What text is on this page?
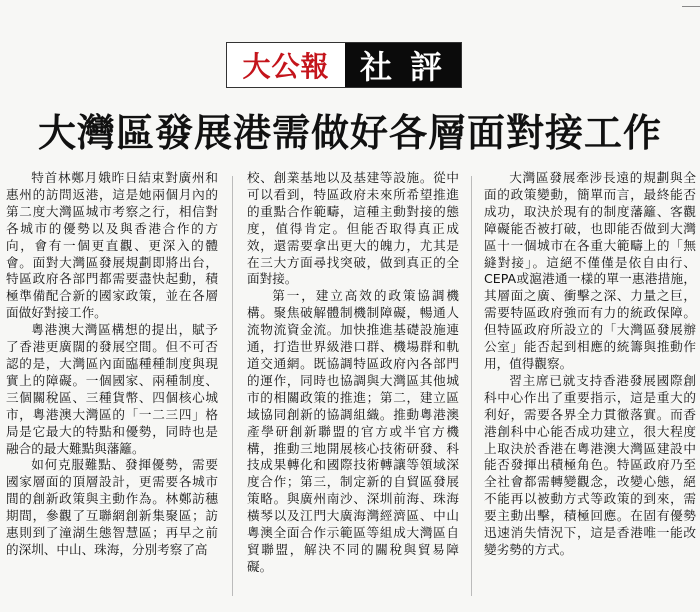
大公報 社評
大灣區發展港需做好各層面對接工作

特首林鄭月娥昨日結束對廣州和惠州的訪問返港，這是她兩個月內的第二度大灣區城市考察之行，相信對各城市的優勢以及與香港合作的方向，會有一個更直觀、更深入的體會。面對大灣區發展規劃即將出台，特區政府各部門都需要盡快起動，積極準備配合新的國家政策，並在各層面做好對接工作。

粵港澳大灣區構想的提出，賦予了香港更廣闊的發展空間。但不可否認的是，大灣區內面臨種種制度與現實上的障礙。一個國家、兩種制度、三個關稅區、三種貨幣、四個核心城市，粵港澳大灣區的「一二三四」格局是它最大的特點和優勢，同時也是融合的最大難點與藩籬。

如何克服難點、發揮優勢，需要國家層面的頂層設計，更需要各城市間的創新政策與主動作為。林鄭訪穗期間，參觀了互聯網創新集聚區；訪惠則到了潼湖生態智慧區；再早之前的深圳、中山、珠海，分別考察了高

校、創業基地以及基建等設施。從中可以看到，特區政府未來所希望推進的重點合作範疇，這種主動對接的態度，值得肯定。但能否取得真正成效，還需要拿出更大的魄力，尤其是在三大方面尋找突破，做到真正的全面對接。

第一，建立高效的政策協調機構。聚焦破解體制機制障礙，暢通人流物流資金流。加快推進基礎設施連通，打造世界級港口群、機場群和軌道交通網。既協調特區政府內各部門的運作，同時也協調與大灣區其他城市的相關政策的推進；第二，建立區域協同創新的協調組織。推動粵港澳產學研創新聯盟的官方或半官方機構，推動三地開展核心技術研發、科技成果轉化和國際技術轉讓等領域深度合作；第三，制定新的自貿區發展策略。與廣州南沙、深圳前海、珠海橫琴以及江門大廣海灣經濟區、中山粵澳全面合作示範區等組成大灣區自貿聯盟，解決不同的關稅與貿易障礙。

大灣區發展牽涉長遠的規劃與全面的政策變動，簡單而言，最終能否成功，取決於現有的制度藩籬、客觀障礙能否被打破，也即能否做到大灣區十一個城市在各重大範疇上的「無縫對接」。這絕不僅僅是依自由行、CEPA或滬港通一樣的單一惠港措施，其層面之廣、衝擊之深、力量之巨，需要特區政府強而有力的統政保障。但特區政府所設立的「大灣區發展辦公室」能否起到相應的統籌與推動作用，值得觀察。

習主席已就支持香港發展國際創科中心作出了重要指示，這是重大的利好，需要各界全力貫徹落實。而香港創科中心能否成功建立，很大程度上取決於香港在粵港澳大灣區建設中能否發揮出積極角色。特區政府乃至全社會都需轉變觀念，改變心態，絕不能再以被動方式等政策的到來，需要主動出擊，積極回應。在固有優勢迅速消失情況下，這是香港唯一能改變劣勢的方式。
